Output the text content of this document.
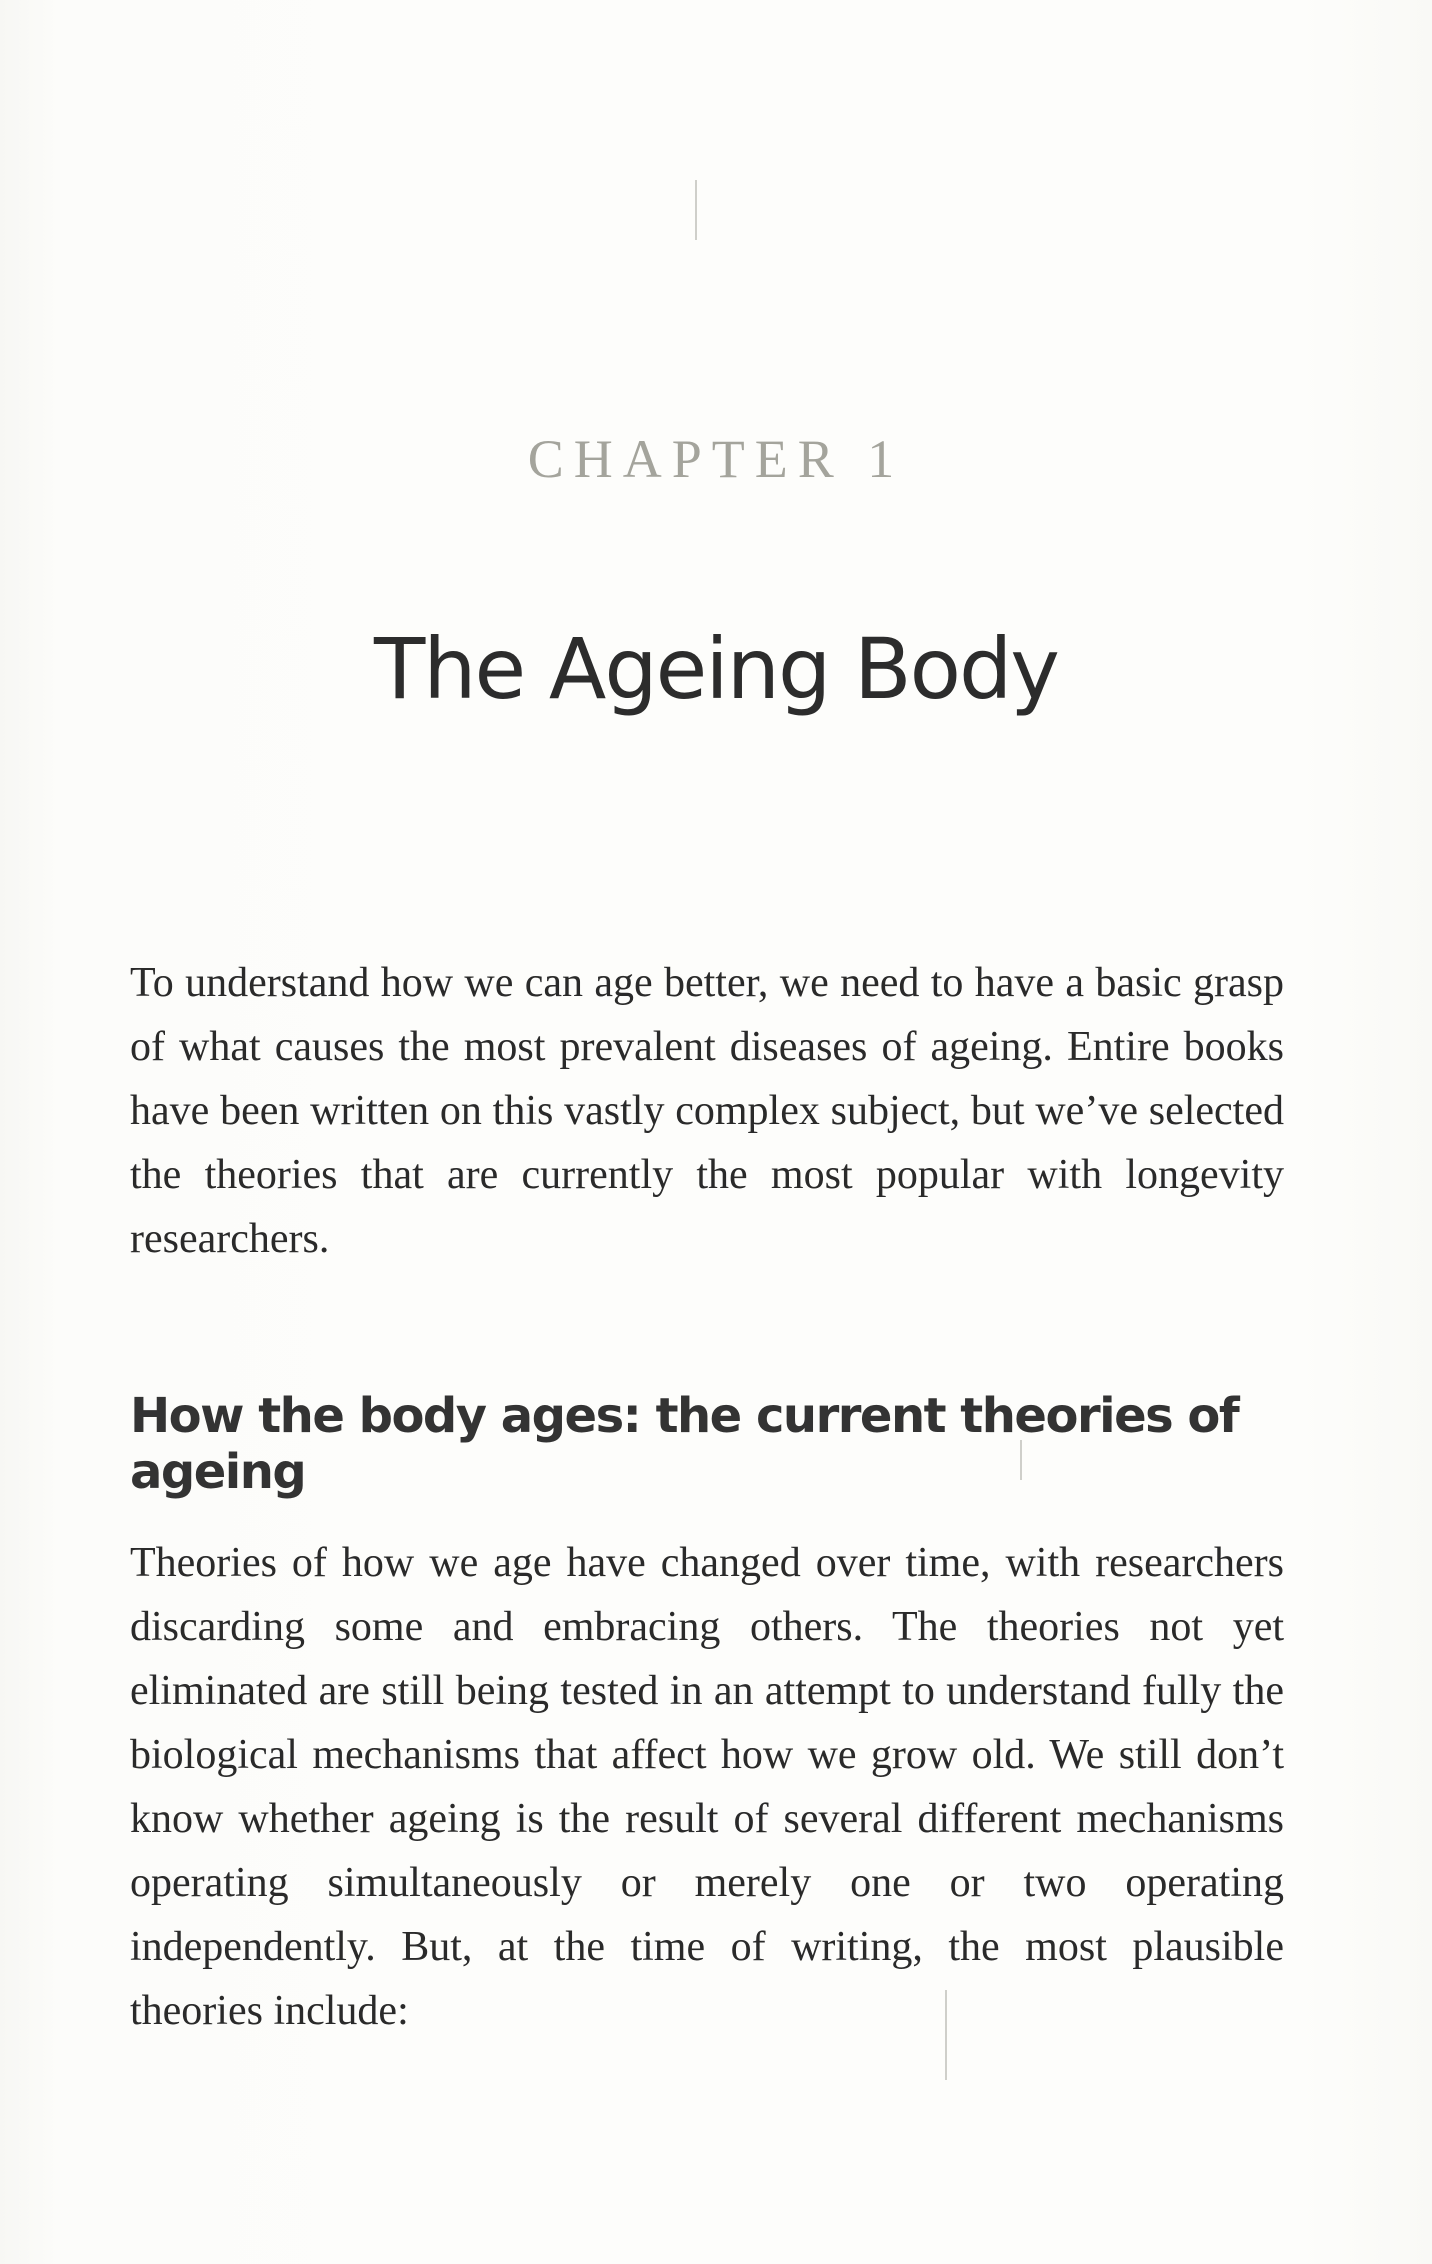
CHAPTER 1
The Ageing Body

To understand how we can age better, we need to have a basic grasp of what causes the most prevalent diseases of ageing. Entire books have been written on this vastly complex subject, but we’ve selected the theories that are currently the most popular with longevity researchers.

How the body ages: the current theories of ageing

Theories of how we age have changed over time, with researchers discarding some and embracing others. The theories not yet eliminated are still being tested in an attempt to understand fully the biological mechanisms that affect how we grow old. We still don’t know whether ageing is the result of several different mechanisms operating simultaneously or merely one or two operating independently. But, at the time of writing, the most plausible theories include:
